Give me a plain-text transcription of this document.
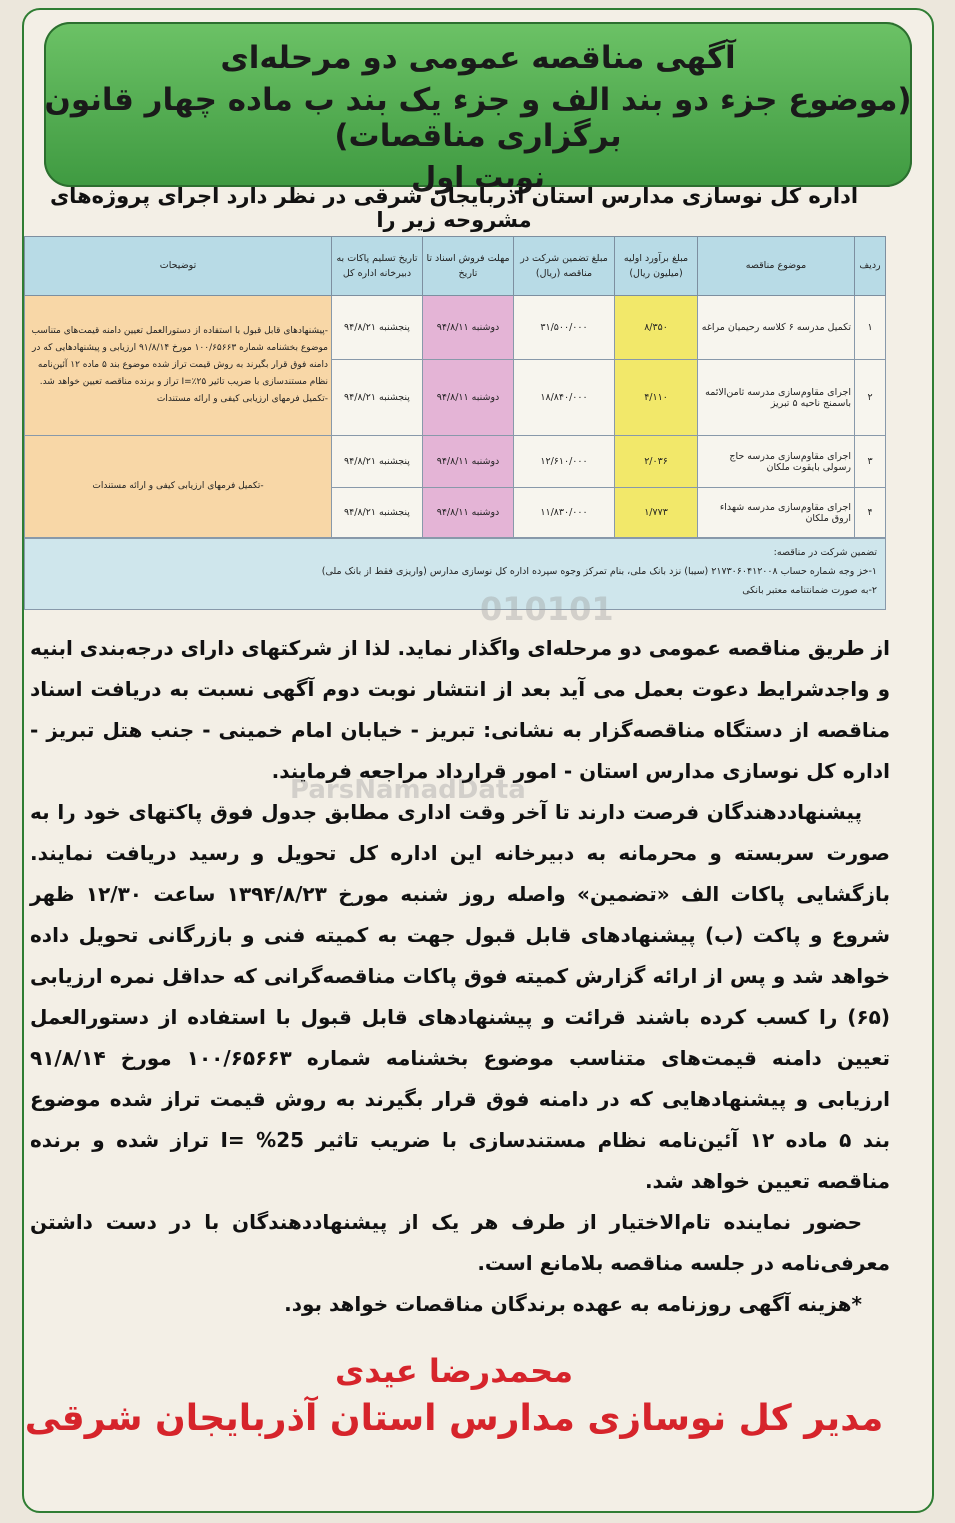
آگهی مناقصه عمومی دو مرحله‌ای
(موضوع جزء دو بند الف و جزء یک بند ب ماده چهار قانون برگزاری مناقصات)
نوبت اول
اداره کل نوسازی مدارس استان آذربایجان شرقی در نظر دارد اجرای پروژه‌های مشروحه زیر را
ردیف	موضوع مناقصه	مبلغ برآورد اولیه (میلیون ریال)	مبلغ تضمین شرکت در مناقصه (ریال)	مهلت فروش اسناد تا تاریخ	تاریخ تسلیم پاکات به دبیرخانه اداره کل	توضیحات
۱	تکمیل مدرسه ۶ کلاسه رحیمیان مراغه	۸/۳۵۰	۳۱/۵۰۰/۰۰۰	دوشنبه ۹۴/۸/۱۱	پنجشنبه ۹۴/۸/۲۱	-پیشنهادهای قابل قبول با استفاده از دستورالعمل تعیین دامنه قیمت‌های متناسب موضوع بخشنامه شماره ۱۰۰/۶۵۶۶۳ مورخ ۹۱/۸/۱۴ ارزیابی و پیشنهادهایی که در دامنه فوق قرار بگیرند به روش قیمت تراز شده موضوع بند ۵ ماده ۱۲ آئین‌نامه نظام مستندسازی با ضریب تاثیر ۲۵٪=I تراز و برنده مناقصه تعیین خواهد شد. -تکمیل فرمهای ارزیابی کیفی و ارائه مستندات
۲	اجرای مقاوم‌سازی مدرسه ثامن‌الائمه باسمنج ناحیه ۵ تبریز	۴/۱۱۰	۱۸/۸۴۰/۰۰۰	دوشنبه ۹۴/۸/۱۱	پنجشنبه ۹۴/۸/۲۱	
۳	اجرای مقاوم‌سازی مدرسه حاج رسولی بایقوت ملکان	۲/۰۳۶	۱۲/۶۱۰/۰۰۰	دوشنبه ۹۴/۸/۱۱	پنجشنبه ۹۴/۸/۲۱	-تکمیل فرمهای ارزیابی کیفی و ارائه مستندات
۴	اجرای مقاوم‌سازی مدرسه شهداء اروق ملکان	۱/۷۷۳	۱۱/۸۳۰/۰۰۰	دوشنبه ۹۴/۸/۱۱	پنجشنبه ۹۴/۸/۲۱	
تضمین شرکت در مناقصه:
۱-خز وجه شماره حساب ۲۱۷۳۰۶۰۴۱۲۰۰۸ (سیبا) نزد بانک ملی، بنام تمرکز وجوه سپرده اداره کل نوسازی مدارس (واریزی فقط از بانک ملی)
۲-به صورت ضمانتنامه معتبر بانکی
010101
ParsNamadData

از طریق مناقصه عمومی دو مرحله‌ای واگذار نماید. لذا از شرکتهای دارای درجه‌بندی ابنیه و واجدشرایط دعوت بعمل می آید بعد از انتشار نوبت دوم آگهی نسبت به دریافت اسناد مناقصه از دستگاه مناقصه‌گزار به نشانی: تبریز - خیابان امام خمینی - جنب هتل تبریز - اداره کل نوسازی مدارس استان - امور قرارداد مراجعه فرمایند.

پیشنهاددهندگان فرصت دارند تا آخر وقت اداری مطابق جدول فوق پاکتهای خود را به صورت سربسته و محرمانه به دبیرخانه این اداره کل تحویل و رسید دریافت نمایند. بازگشایی پاکات الف «تضمین» واصله روز شنبه مورخ ۱۳۹۴/۸/۲۳ ساعت ۱۲/۳۰ ظهر شروع و پاکت (ب) پیشنهادهای قابل قبول جهت به کمیته فنی و بازرگانی تحویل داده خواهد شد و پس از ارائه گزارش کمیته فوق پاکات مناقصه‌گرانی که حداقل نمره ارزیابی (۶۵) را کسب کرده باشند قرائت و پیشنهادهای قابل قبول با استفاده از دستورالعمل تعیین دامنه قیمت‌های متناسب موضوع بخشنامه شماره ۱۰۰/۶۵۶۶۳ مورخ ۹۱/۸/۱۴ ارزیابی و پیشنهادهایی که در دامنه فوق قرار بگیرند به روش قیمت تراز شده موضوع بند ۵ ماده ۱۲ آئین‌نامه نظام مستندسازی با ضریب تاثیر 25% =I تراز شده و برنده مناقصه تعیین خواهد شد.

حضور نماینده تام‌الاختیار از طرف هر یک از پیشنهاددهندگان با در دست داشتن معرفی‌نامه در جلسه مناقصه بلامانع است.

*هزینه آگهی روزنامه به عهده برندگان مناقصات خواهد بود.

محمدرضا عیدی
مدیر کل نوسازی مدارس استان آذربایجان شرقی
